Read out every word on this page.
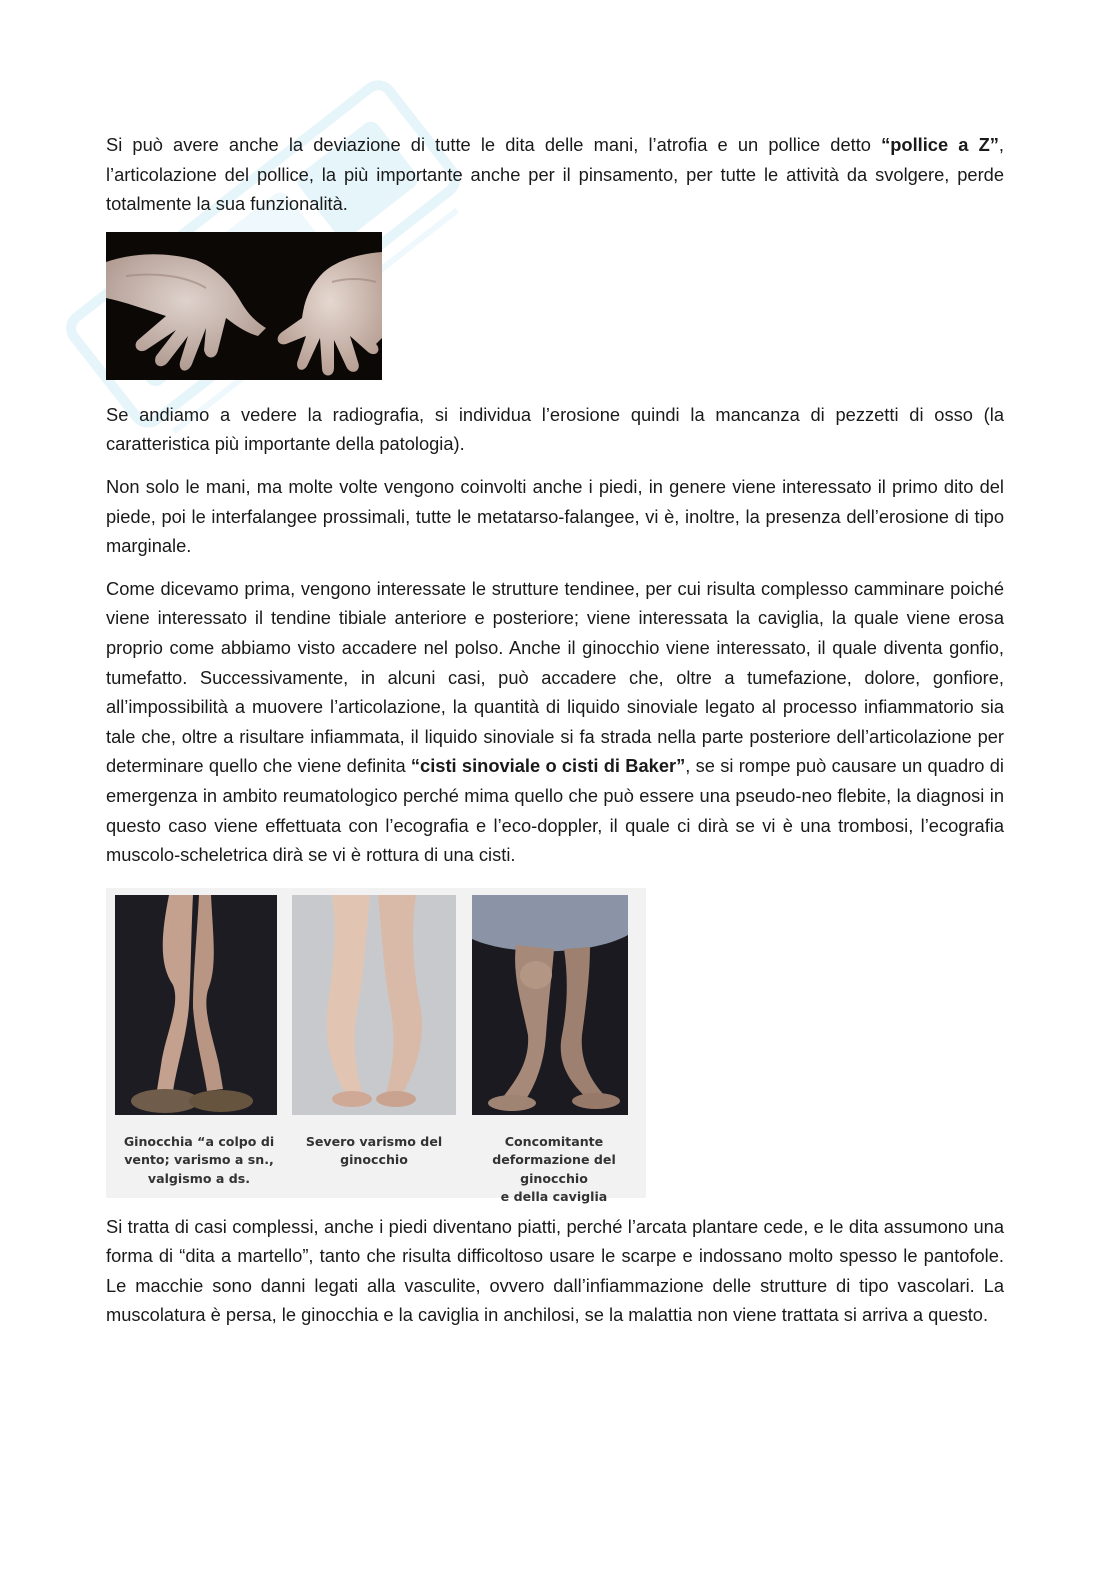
Si può avere anche la deviazione di tutte le dita delle mani, l’atrofia e un pollice detto “pollice a Z”, l’articolazione del pollice, la più importante anche per il pinsamento, per tutte le attività da svolgere, perde totalmente la sua funzionalità.

Se andiamo a vedere la radiografia, si individua l’erosione quindi la mancanza di pezzetti di osso (la caratteristica più importante della patologia).

Non solo le mani, ma molte volte vengono coinvolti anche i piedi, in genere viene interessato il primo dito del piede, poi le interfalangee prossimali, tutte le metatarso-falangee, vi è, inoltre, la presenza dell’erosione di tipo marginale.

Come dicevamo prima, vengono interessate le strutture tendinee, per cui risulta complesso camminare poiché viene interessato il tendine tibiale anteriore e posteriore; viene interessata la caviglia, la quale viene erosa proprio come abbiamo visto accadere nel polso. Anche il ginocchio viene interessato, il quale diventa gonfio, tumefatto. Successivamente, in alcuni casi, può accadere che, oltre a tumefazione, dolore, gonfiore, all’impossibilità a muovere l’articolazione, la quantità di liquido sinoviale legato al processo infiammatorio sia tale che, oltre a risultare infiammata, il liquido sinoviale si fa strada nella parte posteriore dell’articolazione per determinare quello che viene definita “cisti sinoviale o cisti di Baker”, se si rompe può causare un quadro di emergenza in ambito reumatologico perché mima quello che può essere una pseudo-neo flebite, la diagnosi in questo caso viene effettuata con l’ecografia e l’eco-doppler, il quale ci dirà se vi è una trombosi, l’ecografia muscolo-scheletrica dirà se vi è rottura di una cisti.

Ginocchia “a colpo di
vento; varismo a sn.,
valgismo a ds.
Severo varismo del
ginocchio
Concomitante
deformazione del ginocchio
e della caviglia

Si tratta di casi complessi, anche i piedi diventano piatti, perché l’arcata plantare cede, e le dita assumono una forma di “dita a martello”, tanto che risulta difficoltoso usare le scarpe e indossano molto spesso le pantofole. Le macchie sono danni legati alla vasculite, ovvero dall’infiammazione delle strutture di tipo vascolari. La muscolatura è persa, le ginocchia e la caviglia in anchilosi, se la malattia non viene trattata si arriva a questo.
